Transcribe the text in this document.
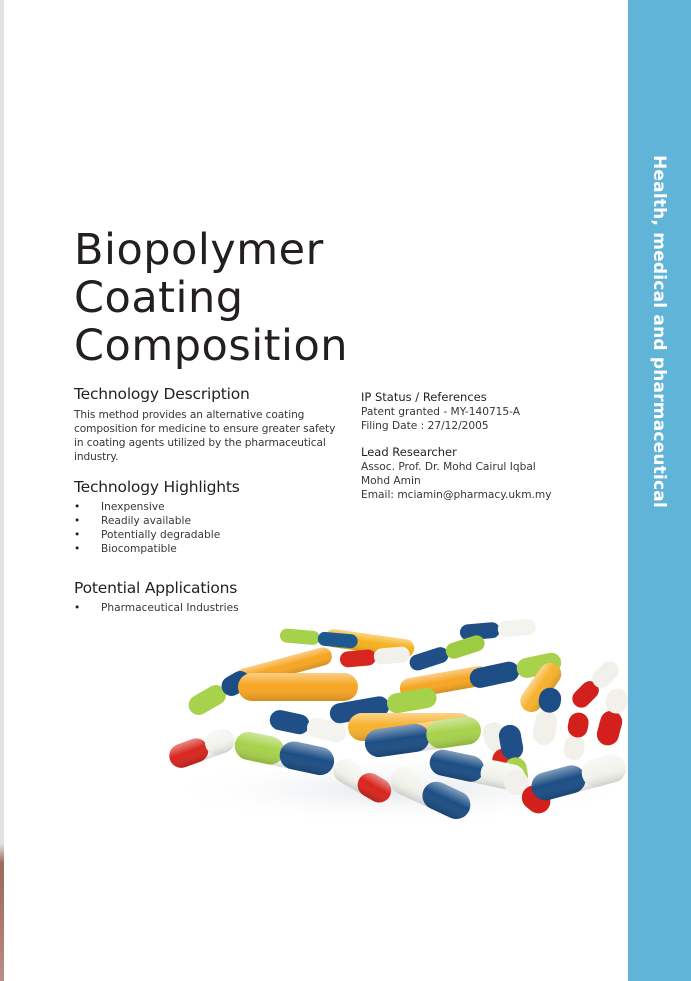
Health, medical and pharmaceutical
Biopolymer
Coating
Composition
Technology Description
This method provides an alternative coating
composition for medicine to ensure greater safety
in coating agents utilized by the pharmaceutical
industry.
Technology Highlights
• Inexpensive
• Readily available
• Potentially degradable
• Biocompatible
Potential Applications
• Pharmaceutical Industries
IP Status / References
Patent granted - MY-140715-A
Filing Date : 27/12/2005
Lead Researcher
Assoc. Prof. Dr. Mohd Cairul Iqbal
Mohd Amin
Email: mciamin@pharmacy.ukm.my
